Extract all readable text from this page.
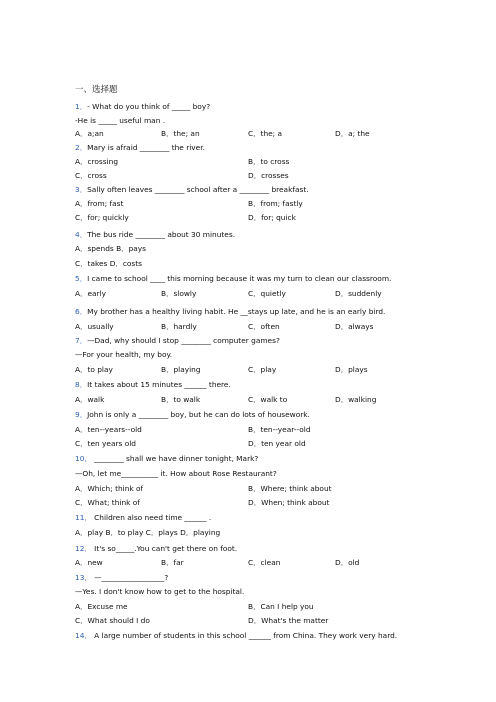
一、选择题
1．- What do you think of _____ boy?
-He is _____ useful man .
A．a;an	B．the; an	C．the; a	D．a; the
2．Mary is afraid ________ the river.
A．crossing	B．to cross
C．cross	D．crosses
3．Sally often leaves ________ school after a ________ breakfast.
A．from; fast	B．from; fastly
C．for; quickly	D．for; quick
4．The bus ride ________ about 30 minutes.
A．spends B．pays
C．takes D．costs
5．I came to school ____ this morning because it was my turn to clean our classroom.
A．early	B．slowly	C．quietly	D．suddenly
6．My brother has a healthy living habit. He __stays up late, and he is an early bird.
A．usually	B．hardly	C．often	D．always
7．—Dad, why should I stop ________ computer games?
—For your health, my boy.
A．to play	B．playing	C．play	D．plays
8．It takes about 15 minutes ______ there.
A．walk	B．to walk	C．walk to	D．walking
9．John is only a ________ boy, but he can do lots of housework.
A．ten--years--old	B．ten--year--old
C．ten years old	D．ten year old
10． ________ shall we have dinner tonight, Mark?
—Oh, let me__________ it. How about Rose Restaurant?
A．Which; think of	B．Where; think about
C．What; think of	D．When; think about
11． Children also need time ______ .
A．play B．to play C．plays D．playing
12． It's so_____.You can't get there on foot.
A．new	B．far	C．clean	D．old
13． —_________________?
—Yes. I don't know how to get to the hospital.
A．Excuse me	B．Can I help you
C．What should I do	D．What's the matter
14． A large number of students in this school ______ from China. They work very hard.
